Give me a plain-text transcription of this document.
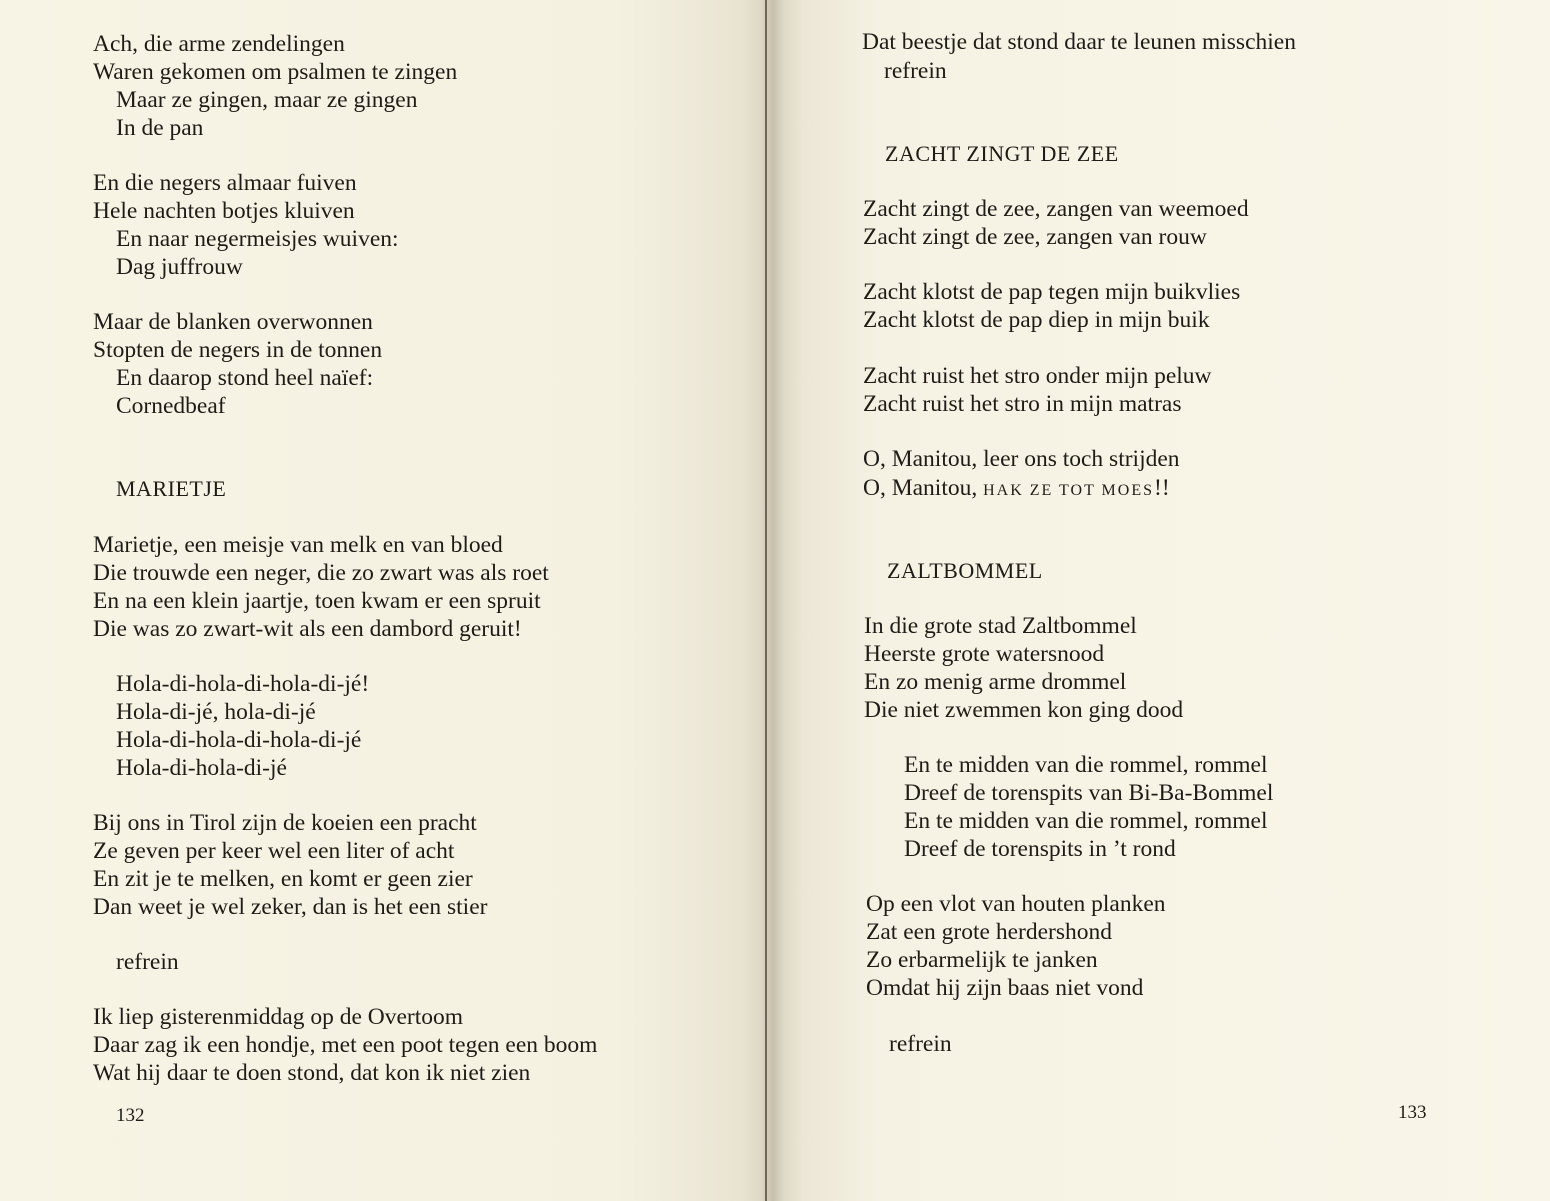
Ach, die arme zendelingen
Waren gekomen om psalmen te zingen
Maar ze gingen, maar ze gingen
In de pan
En die negers almaar fuiven
Hele nachten botjes kluiven
En naar negermeisjes wuiven:
Dag juffrouw
Maar de blanken overwonnen
Stopten de negers in de tonnen
En daarop stond heel naïef:
Cornedbeaf
MARIETJE
Marietje, een meisje van melk en van bloed
Die trouwde een neger, die zo zwart was als roet
En na een klein jaartje, toen kwam er een spruit
Die was zo zwart-wit als een dambord geruit!
Hola-di-hola-di-hola-di-jé!
Hola-di-jé, hola-di-jé
Hola-di-hola-di-hola-di-jé
Hola-di-hola-di-jé
Bij ons in Tirol zijn de koeien een pracht
Ze geven per keer wel een liter of acht
En zit je te melken, en komt er geen zier
Dan weet je wel zeker, dan is het een stier
refrein
Ik liep gisterenmiddag op de Overtoom
Daar zag ik een hondje, met een poot tegen een boom
Wat hij daar te doen stond, dat kon ik niet zien
132
Dat beestje dat stond daar te leunen misschien
refrein
ZACHT ZINGT DE ZEE
Zacht zingt de zee, zangen van weemoed
Zacht zingt de zee, zangen van rouw
Zacht klotst de pap tegen mijn buikvlies
Zacht klotst de pap diep in mijn buik
Zacht ruist het stro onder mijn peluw
Zacht ruist het stro in mijn matras
O, Manitou, leer ons toch strijden
O, Manitou, HAK ZE TOT MOES!!
ZALTBOMMEL
In die grote stad Zaltbommel
Heerste grote watersnood
En zo menig arme drommel
Die niet zwemmen kon ging dood
En te midden van die rommel, rommel
Dreef de torenspits van Bi-Ba-Bommel
En te midden van die rommel, rommel
Dreef de torenspits in ’t rond
Op een vlot van houten planken
Zat een grote herdershond
Zo erbarmelijk te janken
Omdat hij zijn baas niet vond
refrein
133
